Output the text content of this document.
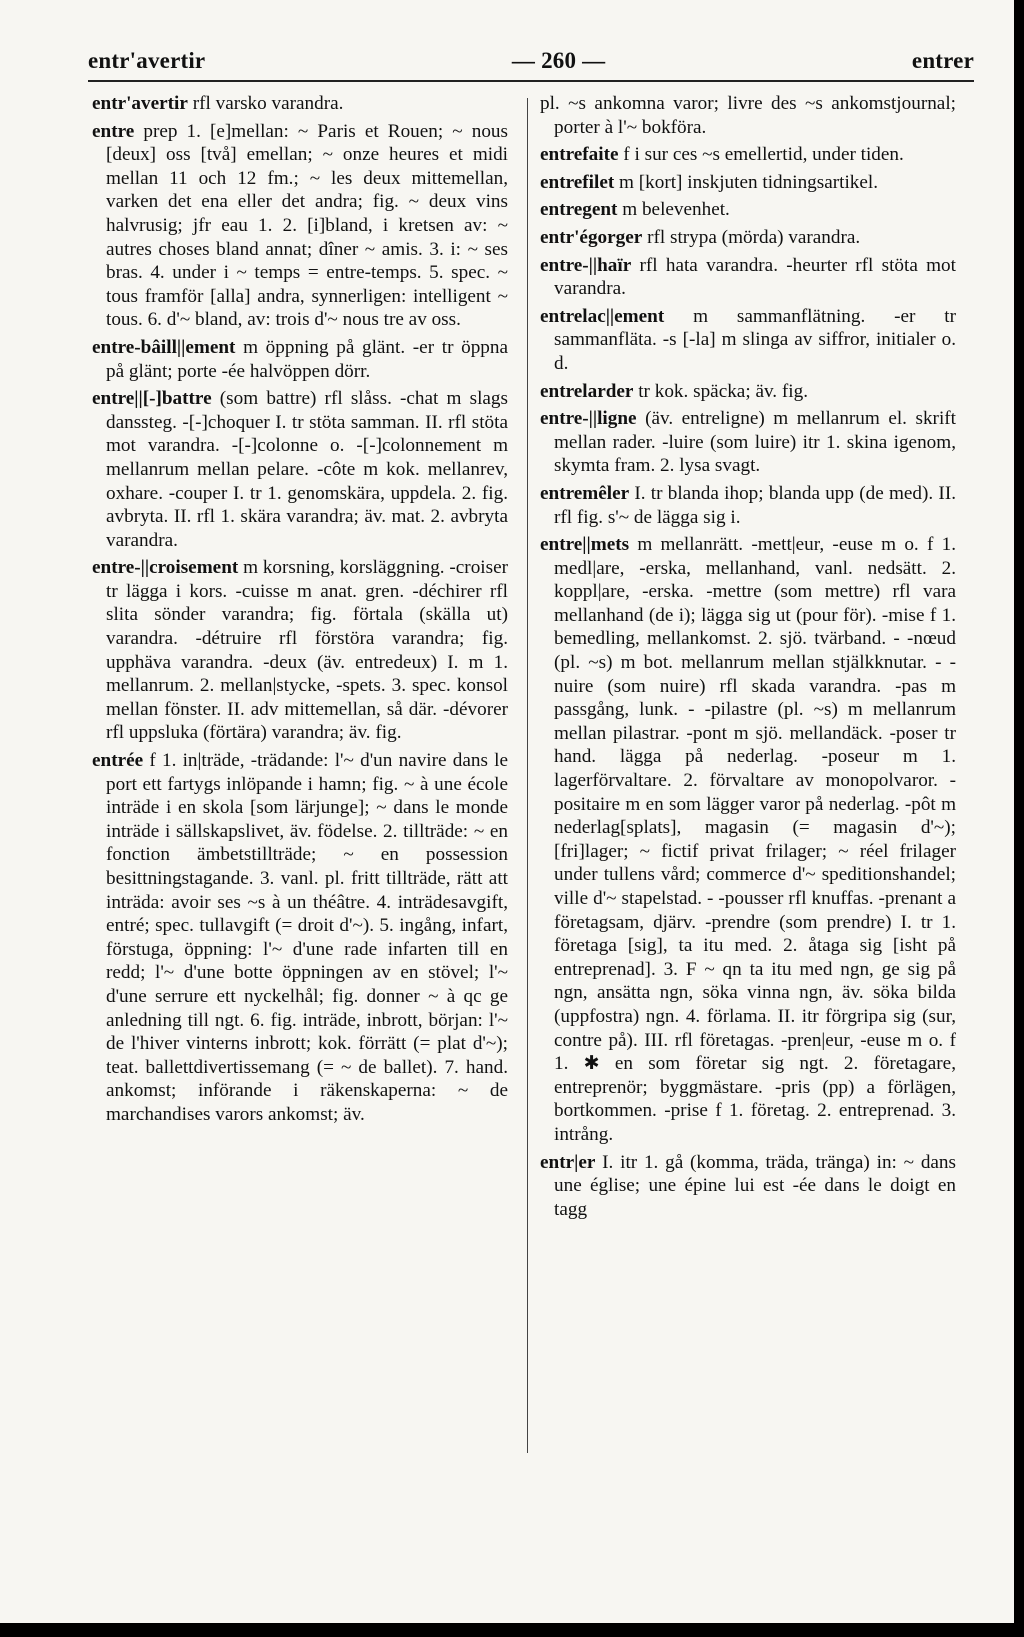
entr'avertir	— 260 —	entrer

entr'avertir rfl varsko varandra.

entre prep 1. [e]mellan: ~ Paris et Rouen; ~ nous [deux] oss [två] emellan; ~ onze heures et midi mellan 11 och 12 fm.; ~ les deux mittemellan, varken det ena eller det andra; fig. ~ deux vins halvrusig; jfr eau 1. 2. [i]bland, i kretsen av: ~ autres choses bland annat; dîner ~ amis. 3. i: ~ ses bras. 4. under i ~ temps = entre-temps. 5. spec. ~ tous framför [alla] andra, synnerligen: intelligent ~ tous. 6. d'~ bland, av: trois d'~ nous tre av oss.

entre-bâill||ement m öppning på glänt. -er tr öppna på glänt; porte -ée halvöppen dörr.

entre||[-]battre (som battre) rfl slåss. -chat m slags danssteg. -[-]choquer I. tr stöta samman. II. rfl stöta mot varandra. -[-]colonne o. -[-]colonnement m mellanrum mellan pelare. -côte m kok. mellanrev, oxhare. -couper I. tr 1. genomskära, uppdela. 2. fig. avbryta. II. rfl 1. skära varandra; äv. mat. 2. avbryta varandra.

entre-||croisement m korsning, korsläggning. -croiser tr lägga i kors. -cuisse m anat. gren. -déchirer rfl slita sönder varandra; fig. förtala (skälla ut) varandra. -détruire rfl förstöra varandra; fig. upphäva varandra. -deux (äv. entredeux) I. m 1. mellanrum. 2. mellan|stycke, -spets. 3. spec. konsol mellan fönster. II. adv mittemellan, så där. -dévorer rfl uppsluka (förtära) varandra; äv. fig.

entrée f 1. in|träde, -trädande: l'~ d'un navire dans le port ett fartygs inlöpande i hamn; fig. ~ à une école inträde i en skola [som lärjunge]; ~ dans le monde inträde i sällskapslivet, äv. födelse. 2. tillträde: ~ en fonction ämbetstillträde; ~ en possession besittningstagande. 3. vanl. pl. fritt tillträde, rätt att inträda: avoir ses ~s à un théâtre. 4. inträdesavgift, entré; spec. tullavgift (= droit d'~). 5. ingång, infart, förstuga, öppning: l'~ d'une rade infarten till en redd; l'~ d'une botte öppningen av en stövel; l'~ d'une serrure ett nyckelhål; fig. donner ~ à qc ge anledning till ngt. 6. fig. inträde, inbrott, början: l'~ de l'hiver vinterns inbrott; kok. förrätt (= plat d'~); teat. ballettdivertissemang (= ~ de ballet). 7. hand. ankomst; införande i räkenskaperna: ~ de marchandises varors ankomst; äv.

pl. ~s ankomna varor; livre des ~s ankomstjournal; porter à l'~ bokföra.

entrefaite f i sur ces ~s emellertid, under tiden.

entrefilet m [kort] inskjuten tidningsartikel.

entregent m belevenhet.

entr'égorger rfl strypa (mörda) varandra.

entre-||haïr rfl hata varandra. -heurter rfl stöta mot varandra.

entrelac||ement m sammanflätning. -er tr sammanfläta. -s [-la] m slinga av siffror, initialer o. d.

entrelarder tr kok. späcka; äv. fig.

entre-||ligne (äv. entreligne) m mellanrum el. skrift mellan rader. -luire (som luire) itr 1. skina igenom, skymta fram. 2. lysa svagt.

entremêler I. tr blanda ihop; blanda upp (de med). II. rfl fig. s'~ de lägga sig i.

entre||mets m mellanrätt. -mett|eur, -euse m o. f 1. medl|are, -erska, mellanhand, vanl. nedsätt. 2. koppl|are, -erska. -mettre (som mettre) rfl vara mellanhand (de i); lägga sig ut (pour för). -mise f 1. bemedling, mellankomst. 2. sjö. tvärband. - -nœud (pl. ~s) m bot. mellanrum mellan stjälkknutar. - -nuire (som nuire) rfl skada varandra. -pas m passgång, lunk. - -pilastre (pl. ~s) m mellanrum mellan pilastrar. -pont m sjö. mellandäck. -poser tr hand. lägga på nederlag. -poseur m 1. lagerförvaltare. 2. förvaltare av monopolvaror. -positaire m en som lägger varor på nederlag. -pôt m nederlag[splats], magasin (= magasin d'~); [fri]lager; ~ fictif privat frilager; ~ réel frilager under tullens vård; commerce d'~ speditionshandel; ville d'~ stapelstad. - -pousser rfl knuffas. -prenant a företagsam, djärv. -prendre (som prendre) I. tr 1. företaga [sig], ta itu med. 2. åtaga sig [isht på entreprenad]. 3. F ~ qn ta itu med ngn, ge sig på ngn, ansätta ngn, söka vinna ngn, äv. söka bilda (uppfostra) ngn. 4. förlama. II. itr förgripa sig (sur, contre på). III. rfl företagas. -pren|eur, -euse m o. f 1. ✱ en som företar sig ngt. 2. företagare, entreprenör; byggmästare. -pris (pp) a förlägen, bortkommen. -prise f 1. företag. 2. entreprenad. 3. intrång.

entr|er I. itr 1. gå (komma, träda, tränga) in: ~ dans une église; une épine lui est -ée dans le doigt en tagg
